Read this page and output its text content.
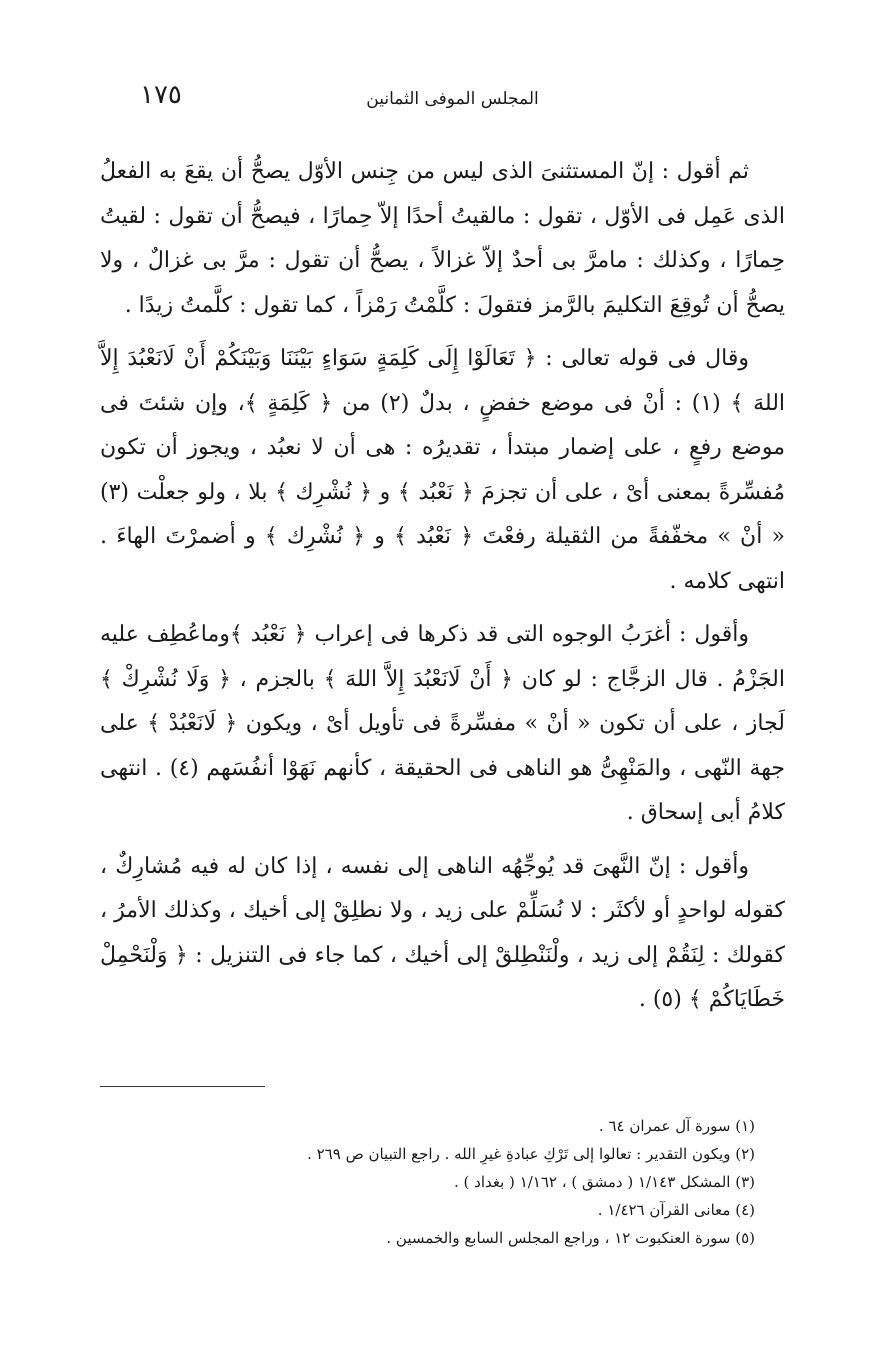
١٧٥	المجلس الموفى الثمانين

ثم أقول : إنّ المستثنىَ الذى ليس من جِنس الأوّل يصحُّ أن يقعَ به الفعلُ الذى عَمِل فى الأوّل ، تقول : مالقيتُ أحدًا إلاّ حِمارًا ، فيصحُّ أن تقول : لقيتُ حِمارًا ، وكذلك : مامرَّ بى أحدٌ إلاّ غزالاً ، يصحُّ أن تقول : مرَّ بى غزالٌ ، ولا يصحُّ أن تُوقِعَ التكليمَ بالرَّمز فتقولَ : كلَّمْتُ رَمْزاً ، كما تقول : كلَّمتُ زيدًا .

وقال فى قوله تعالى : ﴿ تَعَالَوْا إِلَى كَلِمَةٍ سَوَاءٍ بَيْنَنَا وَبَيْنَكُمْ أَنْ لَانَعْبُدَ إِلاَّ اللهَ ﴾ (١) : أنْ فى موضع خفضٍ ، بدلٌ (٢) من ﴿ كَلِمَةٍ ﴾، وإن شئتَ فى موضع رفعٍ ، على إضمار مبتدأ ، تقديرُه : هى أن لا نعبُد ، ويجوز أن تكون مُفسِّرةً بمعنى أىْ ، على أن تجزمَ ﴿ نَعْبُد ﴾ و ﴿ نُشْرِك ﴾ بلا ، ولو جعلْت (٣) « أنْ » مخفّفةً من الثقيلة رفعْتَ ﴿ نَعْبُد ﴾ و ﴿ نُشْرِك ﴾ و أضمرْتَ الهاءَ . انتهى كلامه .

وأقول : أغرَبُ الوجوه التى قد ذكرها فى إعراب ﴿ نَعْبُد ﴾وماعُطِف عليه الجَزْمُ . قال الزجَّاج : لو كان ﴿ أَنْ لَانَعْبُدَ إِلاَّ اللهَ ﴾ بالجزم ، ﴿ وَلَا نُشْرِكْ ﴾ لَجاز ، على أن تكون « أنْ » مفسِّرةً فى تأويل أىْ ، ويكون ﴿ لَانَعْبُدْ ﴾ على جهة النّهى ، والمَنْهِىُّ هو الناهى فى الحقيقة ، كأنهم نَهَوْا أنفُسَهم (٤) . انتهى كلامُ أبى إسحاق .

وأقول : إنّ النَّهىَ قد يُوجِّهُه الناهى إلى نفسه ، إذا كان له فيه مُشارِكٌ ، كقوله لواحدٍ أو لأكثَر : لا نُسَلِّمْ على زيد ، ولا نطلِقْ إلى أخيك ، وكذلك الأمرُ ، كقولك : لِنَقُمْ إلى زيد ، ولْنَنْطِلقْ إلى أخيك ، كما جاء فى التنزيل : ﴿ وَلْنَحْمِلْ خَطَايَاكُمْ ﴾ (٥) .

(١) سورة آل عمران ٦٤ .

(٢) ويكون التقدير : تعالوا إلى تَرْكِ عبادةِ غيرِ الله . راجع التبيان ص ٢٦٩ .

(٣) المشكل ١/١٤٣ ( دمشق ) ، ١/١٦٢ ( بغداد ) .

(٤) معانى القرآن ١/٤٢٦ .

(٥) سورة العنكبوت ١٢ ، وراجع المجلس السابع والخمسين .
